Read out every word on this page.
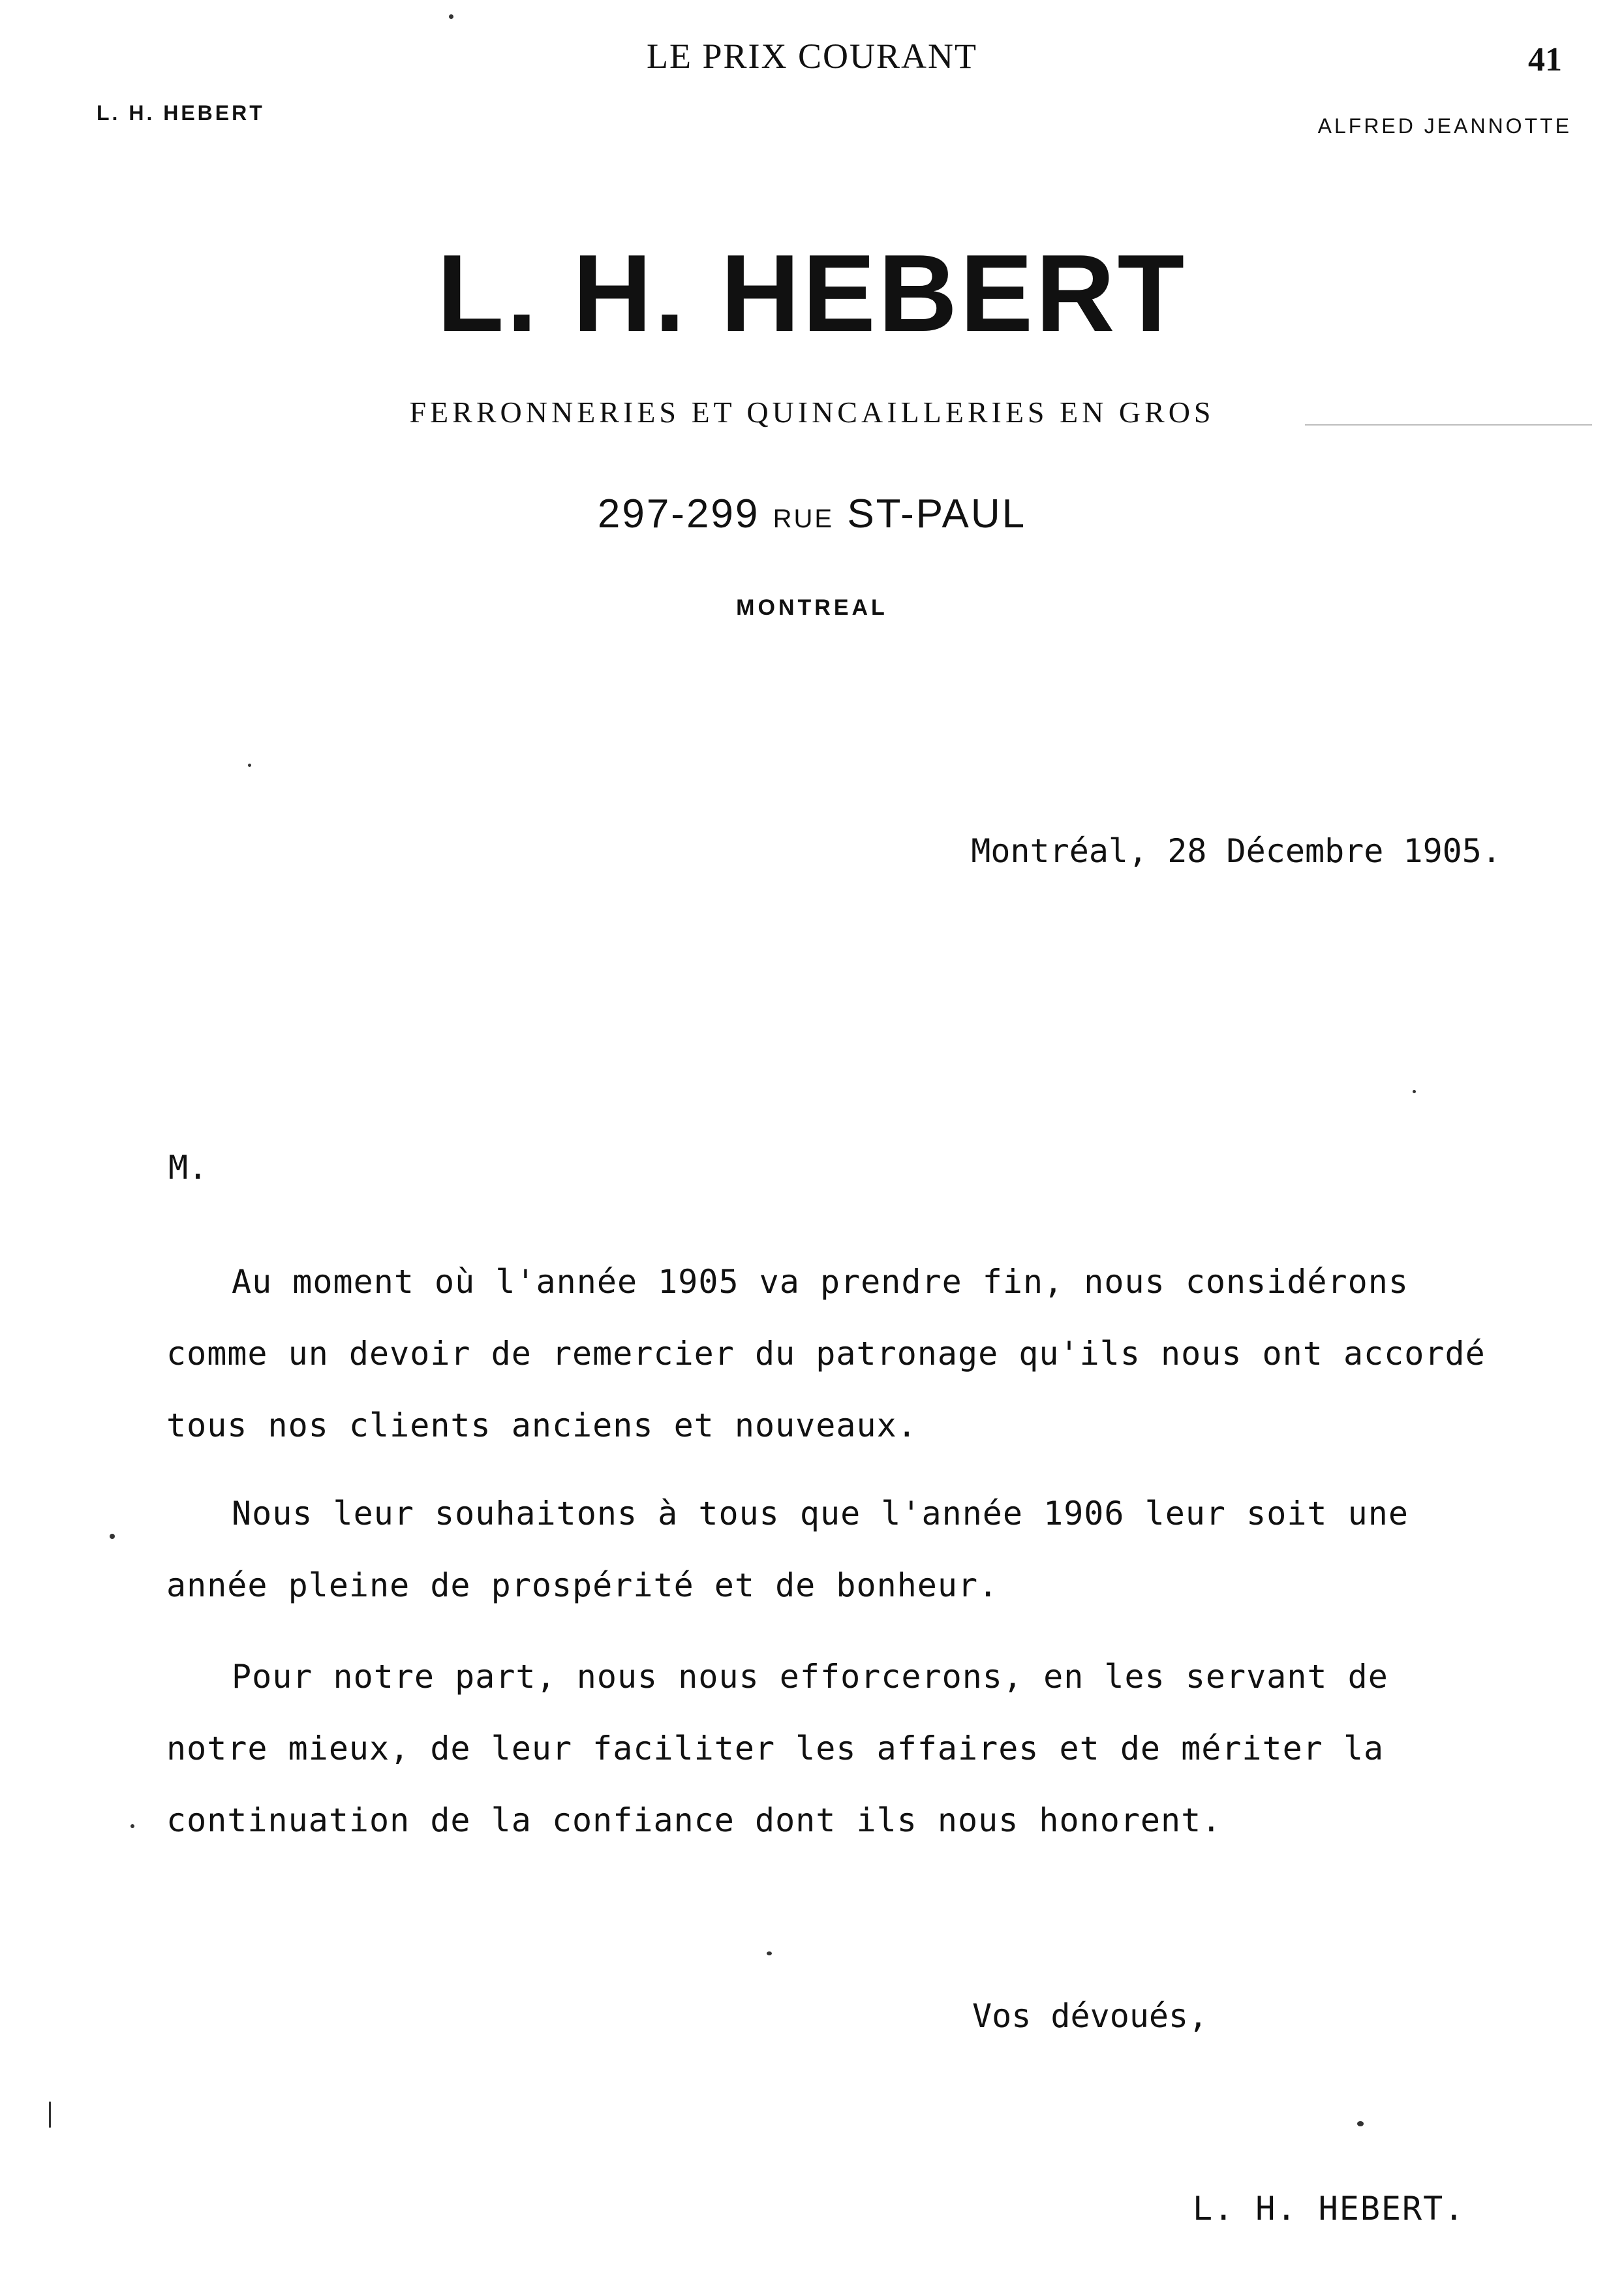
LE PRIX COURANT	41
L. H. HEBERT
ALFRED JEANNOTTE
L. H. HEBERT
FERRONNERIES ET QUINCAILLERIES EN GROS
297-299 RUE ST-PAUL
MONTREAL
Montréal, 28 Décembre 1905.
M.
Au moment où l'année 1905 va prendre fin, nous considérons
comme un devoir de remercier du patronage qu'ils nous ont accordé
tous nos clients anciens et nouveaux.
Nous leur souhaitons à tous que l'année 1906 leur soit une
année pleine de prospérité et de bonheur.
Pour notre part, nous nous efforcerons, en les servant de
notre mieux, de leur faciliter les affaires et de mériter la
continuation de la confiance dont ils nous honorent.
Vos dévoués,
L. H. HEBERT.
